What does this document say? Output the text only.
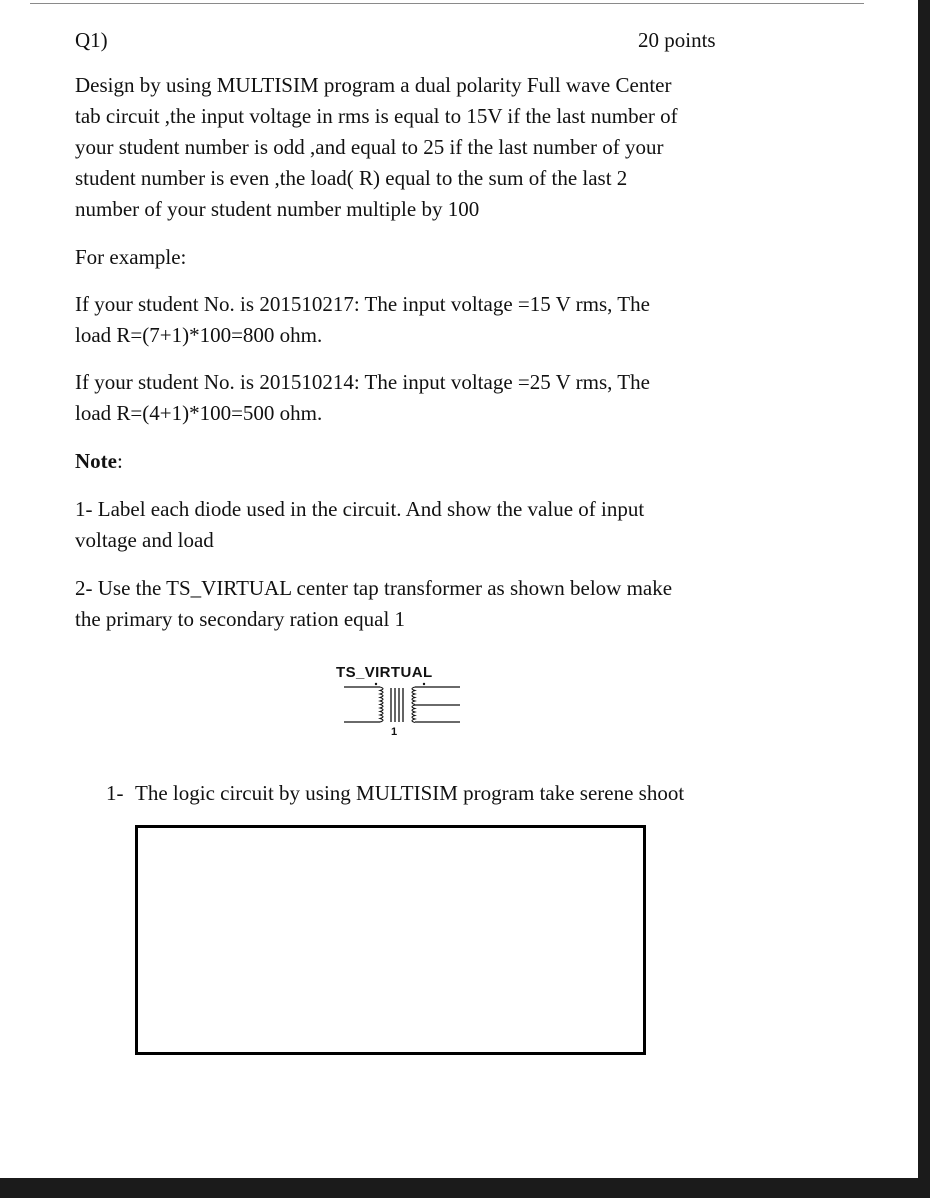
Q1)	20 points

Design by using MULTISIM program a dual polarity Full wave Center
tab circuit ,the input voltage in rms is equal to 15V if the last number of
your student number is odd ,and equal to 25 if the last number of your
student number is even ,the load( R) equal to the sum of the last 2
number of your student number multiple by 100

For example:

If your student No. is 201510217: The input voltage =15 V rms, The
load R=(7+1)*100=800 ohm.

If your student No. is 201510214: The input voltage =25 V rms, The
load R=(4+1)*100=500 ohm.

Note:

1- Label each diode used in the circuit. And show the value of input
voltage and load

2- Use the TS_VIRTUAL center tap transformer as shown below make
the primary to secondary ration equal 1

TS_VIRTUAL
1
1- The logic circuit by using MULTISIM program take serene shoot
